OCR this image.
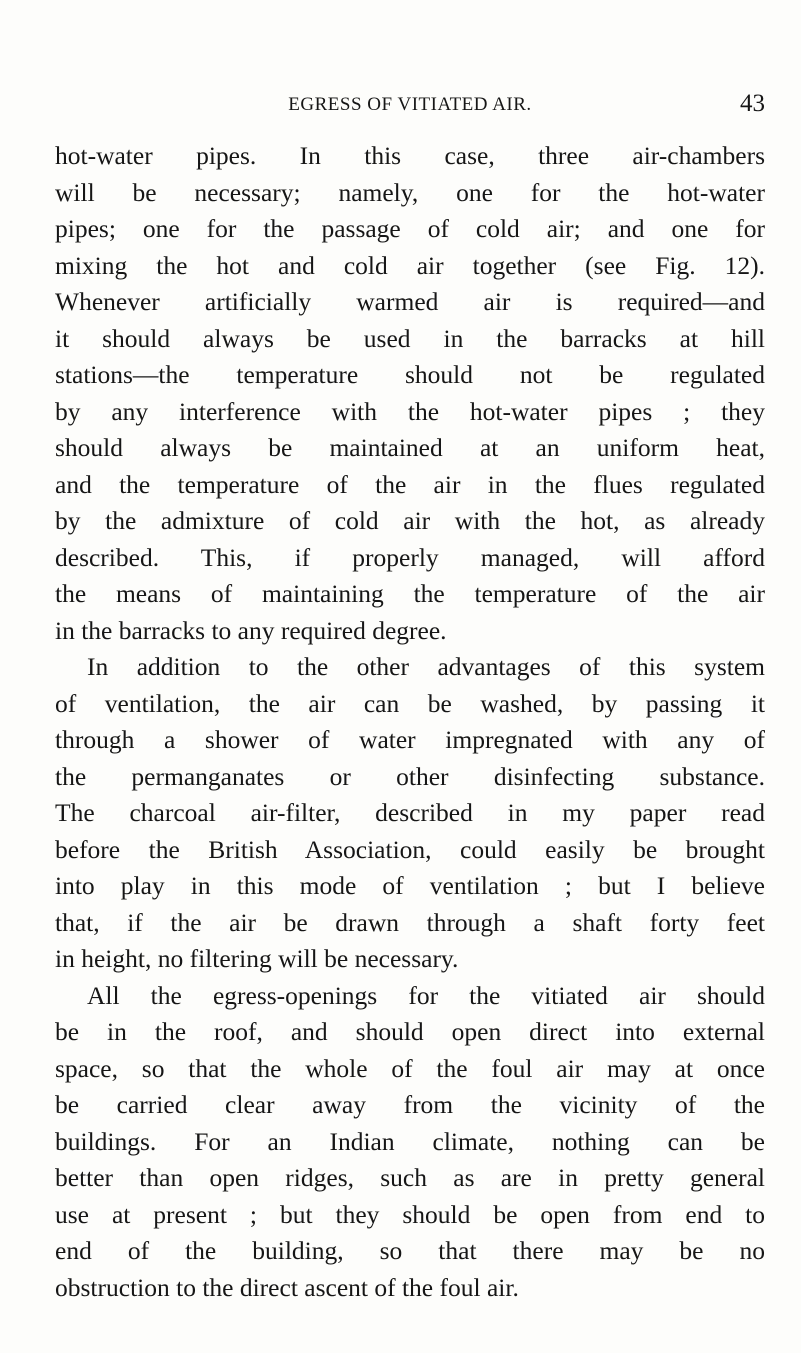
EGRESS OF VITIATED AIR.	43
hot-water pipes. In this case, three air-chambers
will be necessary; namely, one for the hot-water
pipes; one for the passage of cold air; and one for
mixing the hot and cold air together (see Fig. 12).
Whenever artificially warmed air is required—and
it should always be used in the barracks at hill
stations—the temperature should not be regulated
by any interference with the hot-water pipes ; they
should always be maintained at an uniform heat,
and the temperature of the air in the flues regulated
by the admixture of cold air with the hot, as already
described. This, if properly managed, will afford
the means of maintaining the temperature of the air
in the barracks to any required degree.
In addition to the other advantages of this system
of ventilation, the air can be washed, by passing it
through a shower of water impregnated with any of
the permanganates or other disinfecting substance.
The charcoal air-filter, described in my paper read
before the British Association, could easily be brought
into play in this mode of ventilation ; but I believe
that, if the air be drawn through a shaft forty feet
in height, no filtering will be necessary.
All the egress-openings for the vitiated air should
be in the roof, and should open direct into external
space, so that the whole of the foul air may at once
be carried clear away from the vicinity of the
buildings. For an Indian climate, nothing can be
better than open ridges, such as are in pretty general
use at present ; but they should be open from end to
end of the building, so that there may be no
obstruction to the direct ascent of the foul air.
